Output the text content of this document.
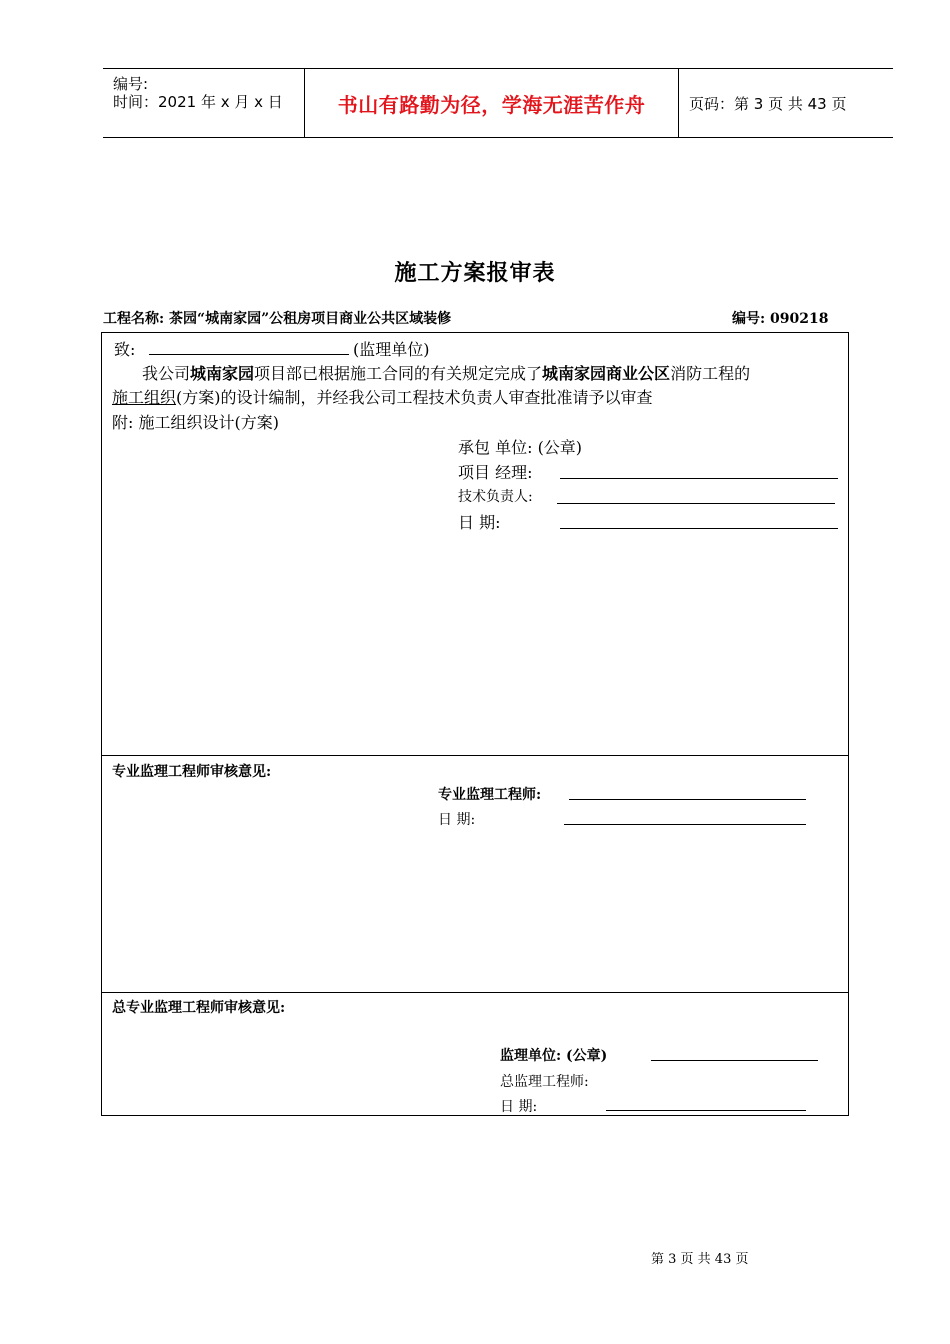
编号:
时间：2021 年 x 月 x 日	书山有路勤为径，学海无涯苦作舟	页码：第 3 页 共 43 页
施工方案报审表
工程名称: 茶园“城南家园”公租房项目商业公共区域装修	编号: 090218
致:	(监理单位)
我公司城南家园项目部已根据施工合同的有关规定完成了城南家园商业公区消防工程的
施工组织(方案)的设计编制，并经我公司工程技术负责人审查批准请予以审查
附: 施工组织设计(方案)
承包 单位: (公章)
项目 经理:
技术负责人:
日 期:
专业监理工程师审核意见:
专业监理工程师:
日 期:
总专业监理工程师审核意见:
监理单位: (公章)
总监理工程师:
日 期:
第 3 页 共 43 页
